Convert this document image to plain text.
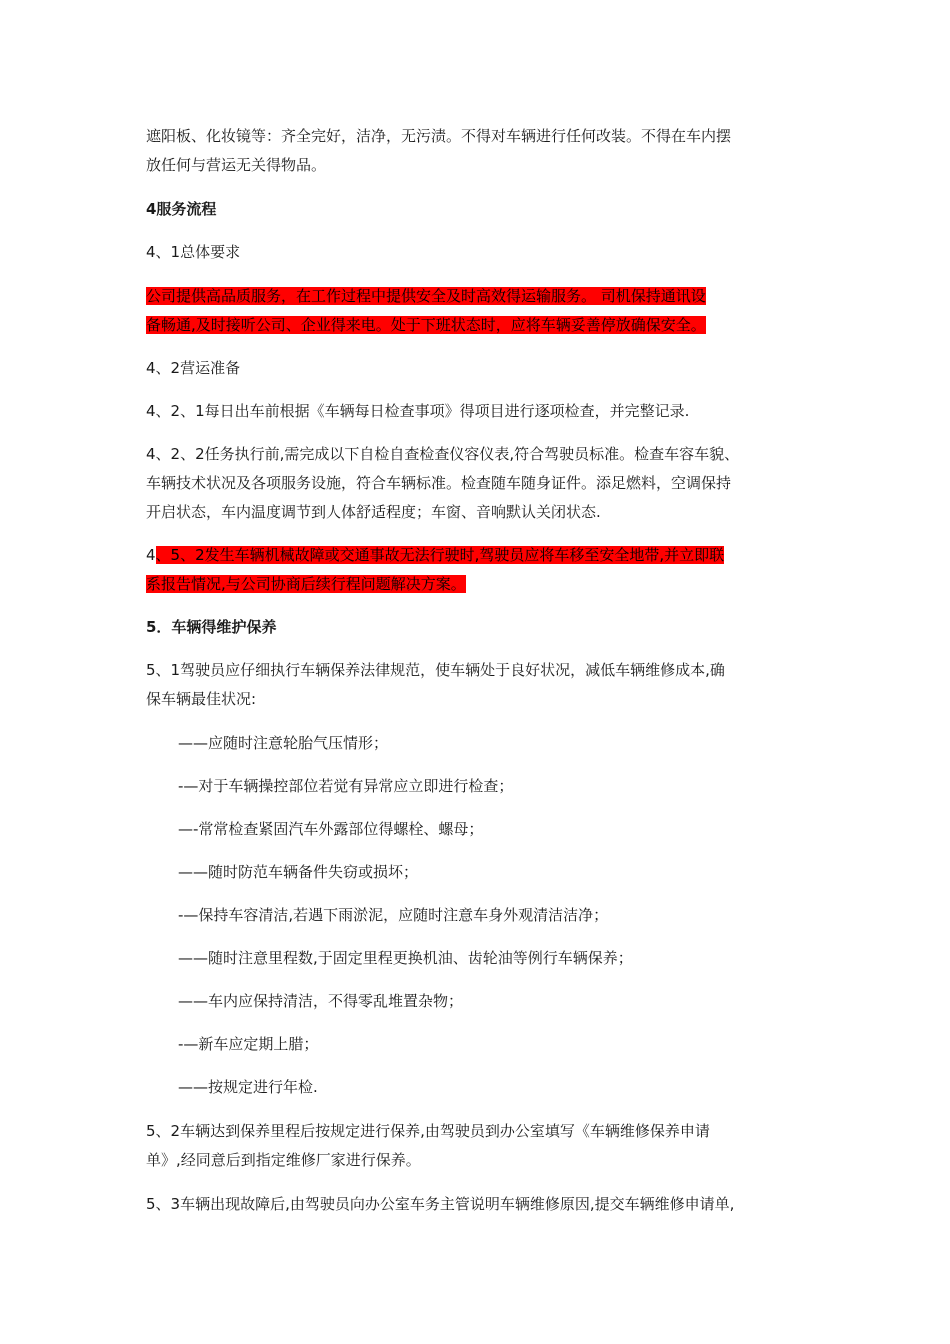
遮阳板、化妆镜等：齐全完好，洁净，无污渍。不得对车辆进行任何改装。不得在车内摆
放任何与营运无关得物品。

4服务流程

4、1总体要求

公司提供高品质服务，在工作过程中提供安全及时高效得运输服务。 司机保持通讯设
备畅通,及时接听公司、企业得来电。处于下班状态时，应将车辆妥善停放确保安全。

4、2营运准备

4、2、1每日出车前根据《车辆每日检查事项》得项目进行逐项检查，并完整记录.

4、2、2任务执行前,需完成以下自检自查检查仪容仪表,符合驾驶员标准。检查车容车貌、
车辆技术状况及各项服务设施，符合车辆标准。检查随车随身证件。添足燃料，空调保持
开启状态，车内温度调节到人体舒适程度；车窗、音响默认关闭状态.

4、5、2发生车辆机械故障或交通事故无法行驶时,驾驶员应将车移至安全地带,并立即联
系报告情况,与公司协商后续行程问题解决方案。

5．车辆得维护保养

5、1驾驶员应仔细执行车辆保养法律规范，使车辆处于良好状况，减低车辆维修成本,确
保车辆最佳状况:

——应随时注意轮胎气压情形；

-—对于车辆操控部位若觉有异常应立即进行检查；

—-常常检查紧固汽车外露部位得螺栓、螺母；

——随时防范车辆备件失窃或损坏；

-—保持车容清洁,若遇下雨淤泥，应随时注意车身外观清洁洁净；

——随时注意里程数,于固定里程更换机油、齿轮油等例行车辆保养；

——车内应保持清洁，不得零乱堆置杂物；

-—新车应定期上腊；

——按规定进行年检.

5、2车辆达到保养里程后按规定进行保养,由驾驶员到办公室填写《车辆维修保养申请
单》,经同意后到指定维修厂家进行保养。

5、3车辆出现故障后,由驾驶员向办公室车务主管说明车辆维修原因,提交车辆维修申请单,
